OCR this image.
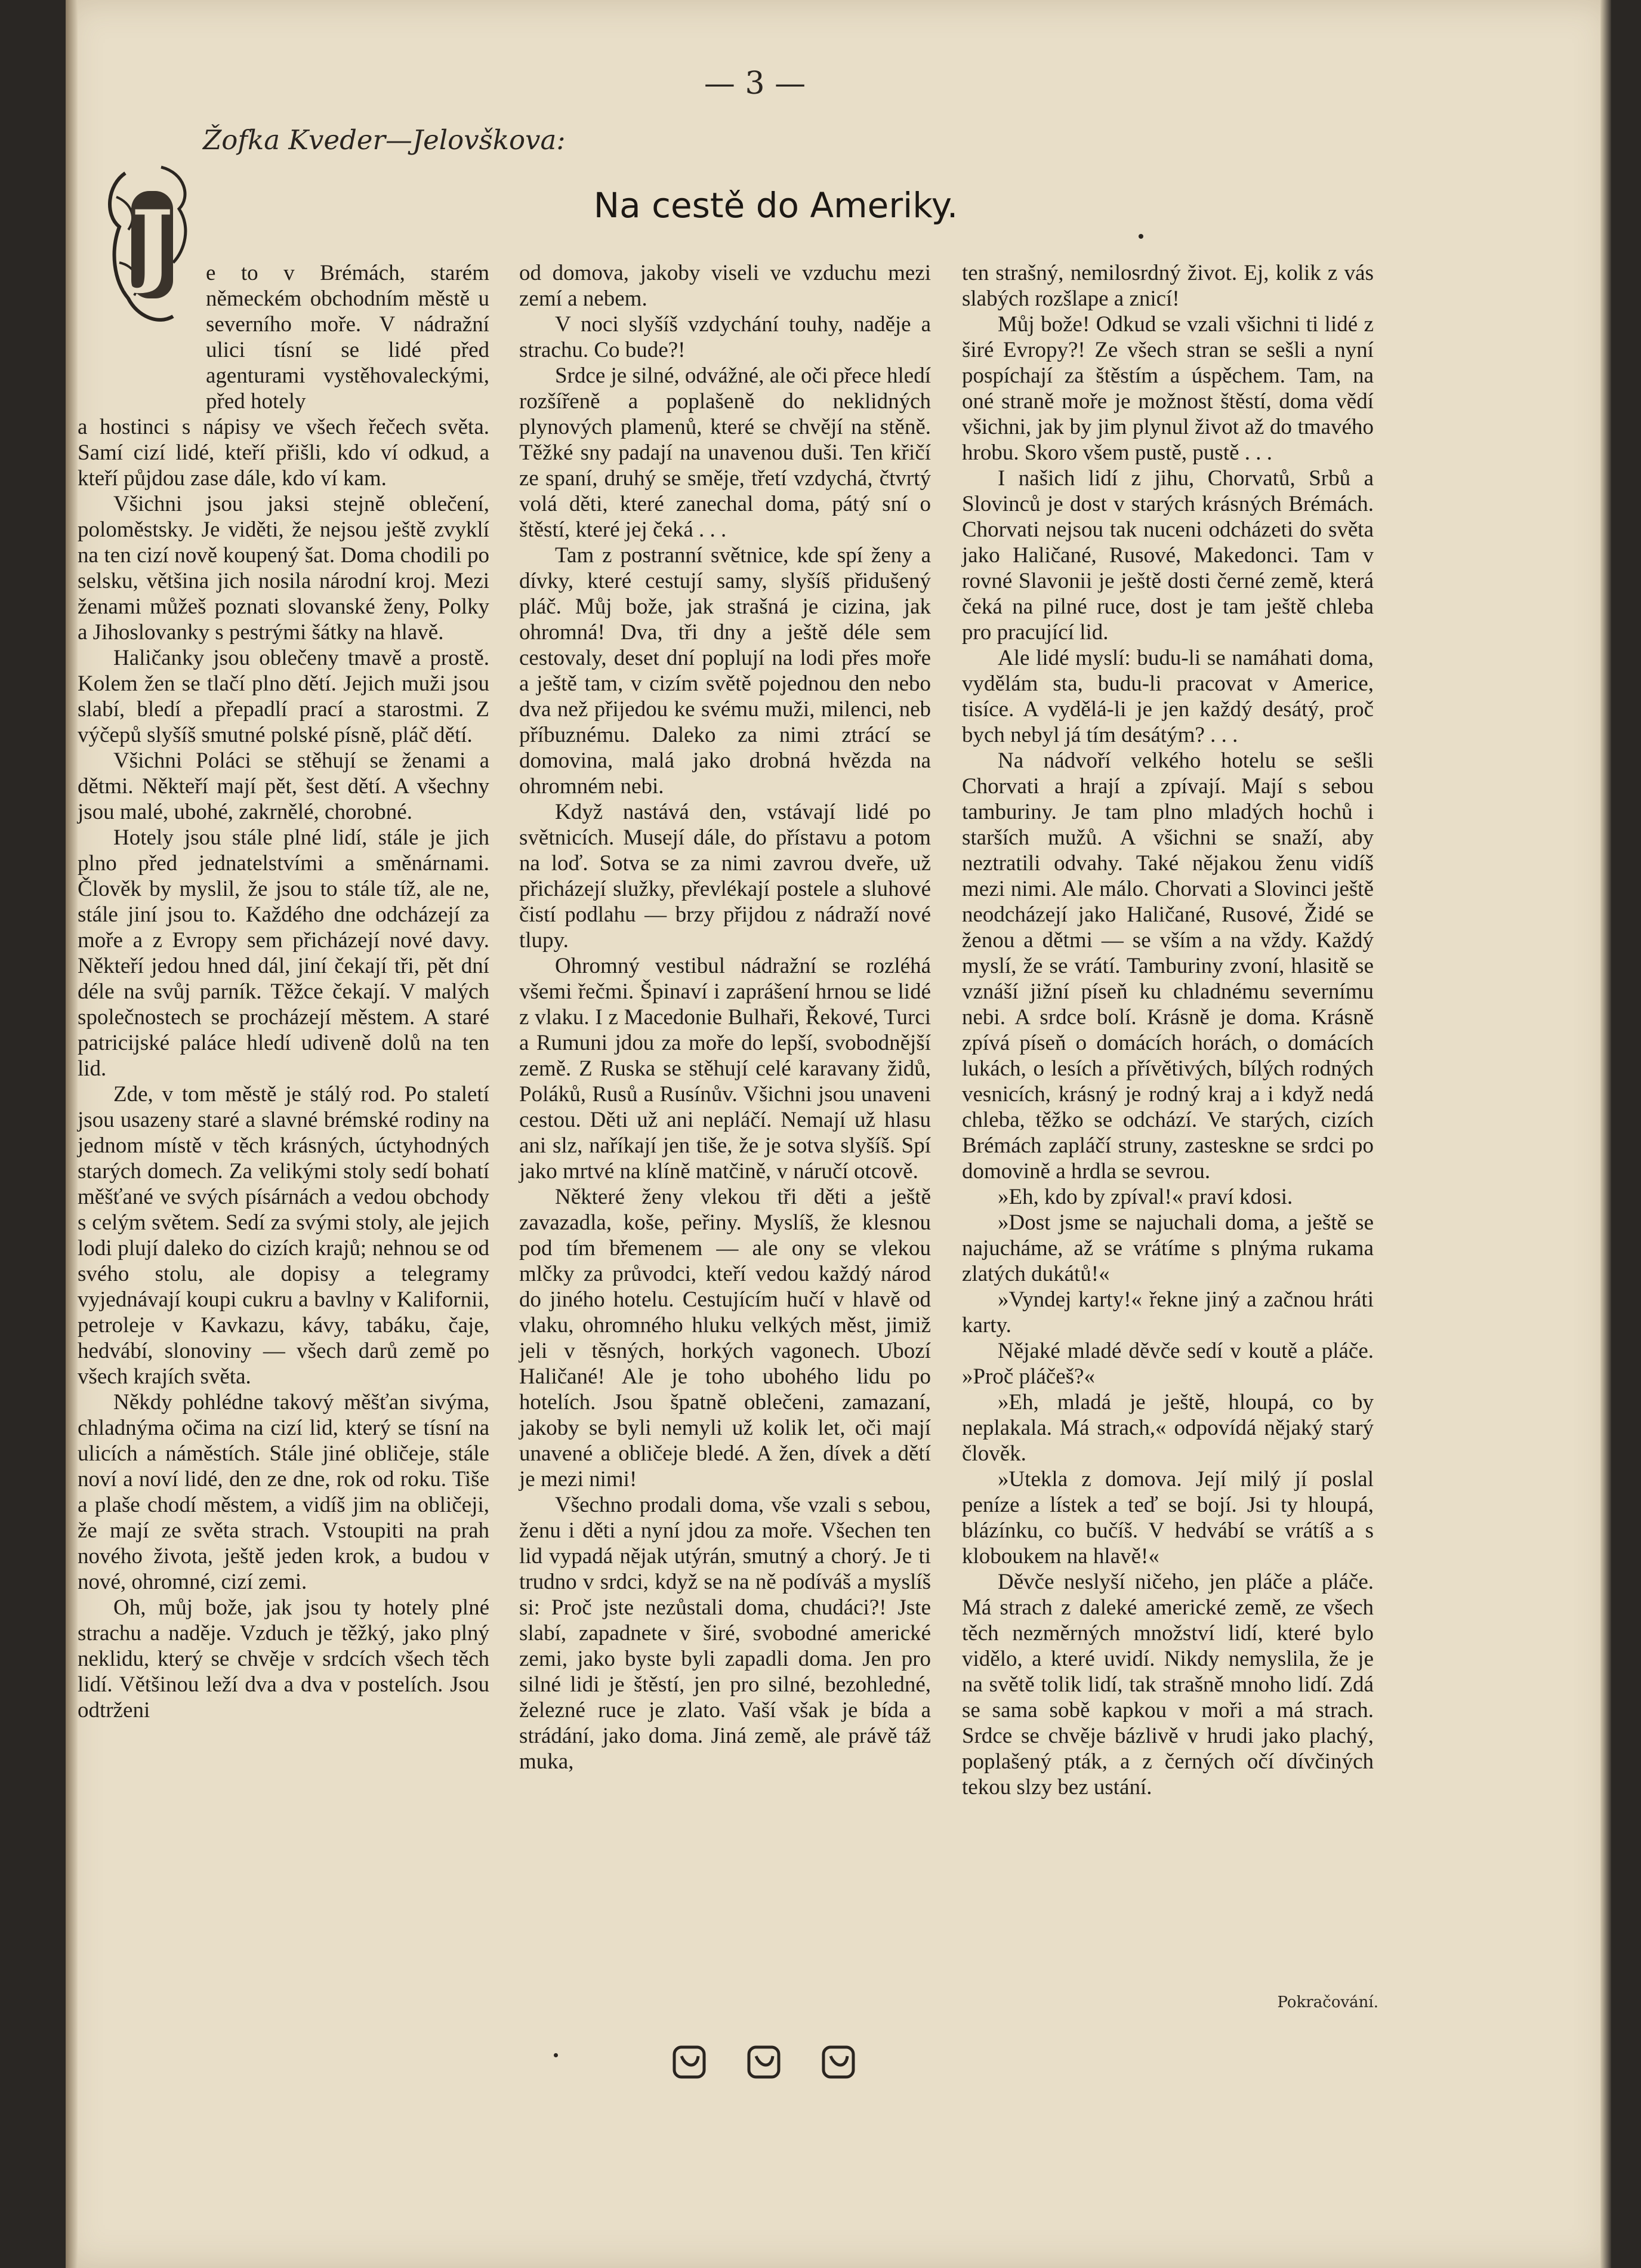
— 3 —
Žofka Kveder—Jelovškova:
Na cestě do Ameriky.
J e to v Brémách, starém německém obchodním městě u severního moře. V nádražní ulici tísní se lidé před agenturami vystěhovaleckými, před hotely

a hostinci s nápisy ve všech řečech světa. Samí cizí lidé, kteří přišli, kdo ví odkud, a kteří půjdou zase dále, kdo ví kam.

Všichni jsou jaksi stejně oblečení, poloměstsky. Je viděti, že nejsou ještě zvyklí na ten cizí nově koupený šat. Doma chodili po selsku, většina jich nosila národní kroj. Mezi ženami můžeš poznati slovanské ženy, Polky a Jihoslovanky s pestrými šátky na hlavě.

Haličanky jsou oblečeny tmavě a prostě. Kolem žen se tlačí plno dětí. Jejich muži jsou slabí, bledí a přepadlí prací a starostmi. Z výčepů slyšíš smutné polské písně, pláč dětí.

Všichni Poláci se stěhují se ženami a dětmi. Někteří mají pět, šest dětí. A všechny jsou malé, ubohé, zakrnělé, chorobné.

Hotely jsou stále plné lidí, stále je jich plno před jednatelstvími a směnárnami. Člověk by myslil, že jsou to stále tíž, ale ne, stále jiní jsou to. Každého dne odcházejí za moře a z Evropy sem přicházejí nové davy. Někteří jedou hned dál, jiní čekají tři, pět dní déle na svůj parník. Těžce čekají. V malých společnostech se procházejí městem. A staré patricijské paláce hledí udiveně dolů na ten lid.

Zde, v tom městě je stálý rod. Po staletí jsou usazeny staré a slavné brémské rodiny na jednom místě v těch krásných, úctyhodných starých domech. Za velikými stoly sedí bohatí měšťané ve svých písárnách a vedou obchody s celým světem. Sedí za svými stoly, ale jejich lodi plují daleko do cizích krajů; nehnou se od svého stolu, ale dopisy a telegramy vyjednávají koupi cukru a bavlny v Kalifornii, petroleje v Kavkazu, kávy, tabáku, čaje, hedvábí, slonoviny — všech darů země po všech krajích světa.

Někdy pohlédne takový měšťan sivýma, chladnýma očima na cizí lid, který se tísní na ulicích a náměstích. Stále jiné obličeje, stále noví a noví lidé, den ze dne, rok od roku. Tiše a plaše chodí městem, a vidíš jim na obličeji, že mají ze světa strach. Vstoupiti na prah nového života, ještě jeden krok, a budou v nové, ohromné, cizí zemi.

Oh, můj bože, jak jsou ty hotely plné strachu a naděje. Vzduch je těžký, jako plný neklidu, který se chvěje v srdcích všech těch lidí. Většinou leží dva a dva v postelích. Jsou odtrženi

od domova, jakoby viseli ve vzduchu mezi zemí a nebem.

V noci slyšíš vzdychání touhy, naděje a strachu. Co bude?!

Srdce je silné, odvážné, ale oči přece hledí rozšířeně a poplašeně do neklidných plynových plamenů, které se chvějí na stěně. Těžké sny padají na unavenou duši. Ten křičí ze spaní, druhý se směje, třetí vzdychá, čtvrtý volá děti, které zanechal doma, pátý sní o štěstí, které jej čeká . . .

Tam z postranní světnice, kde spí ženy a dívky, které cestují samy, slyšíš přidušený pláč. Můj bože, jak strašná je cizina, jak ohromná! Dva, tři dny a ještě déle sem cestovaly, deset dní poplují na lodi přes moře a ještě tam, v cizím světě pojednou den nebo dva než přijedou ke svému muži, milenci, neb příbuznému. Daleko za nimi ztrácí se domovina, malá jako drobná hvězda na ohromném nebi.

Když nastává den, vstávají lidé po světnicích. Musejí dále, do přístavu a potom na loď. Sotva se za nimi zavrou dveře, už přicházejí služky, převlékají postele a sluhové čistí podlahu — brzy přijdou z nádraží nové tlupy.

Ohromný vestibul nádražní se rozléhá všemi řečmi. Špinaví i zaprášení hrnou se lidé z vlaku. I z Macedonie Bulhaři, Řekové, Turci a Rumuni jdou za moře do lepší, svobodnější země. Z Ruska se stěhují celé karavany židů, Poláků, Rusů a Rusínův. Všichni jsou unaveni cestou. Děti už ani nepláčí. Nemají už hlasu ani slz, naříkají jen tiše, že je sotva slyšíš. Spí jako mrtvé na klíně matčině, v náručí otcově.

Některé ženy vlekou tři děti a ještě zavazadla, koše, peřiny. Myslíš, že klesnou pod tím břemenem — ale ony se vlekou mlčky za průvodci, kteří vedou každý národ do jiného hotelu. Cestujícím hučí v hlavě od vlaku, ohromného hluku velkých měst, jimiž jeli v těsných, horkých vagonech. Ubozí Haličané! Ale je toho ubohého lidu po hotelích. Jsou špatně oblečeni, zamazaní, jakoby se byli nemyli už kolik let, oči mají unavené a obličeje bledé. A žen, dívek a dětí je mezi nimi!

Všechno prodali doma, vše vzali s sebou, ženu i děti a nyní jdou za moře. Všechen ten lid vypadá nějak utýrán, smutný a chorý. Je ti trudno v srdci, když se na ně podíváš a myslíš si: Proč jste nezůstali doma, chudáci?! Jste slabí, zapadnete v širé, svobodné americké zemi, jako byste byli zapadli doma. Jen pro silné lidi je štěstí, jen pro silné, bezohledné, železné ruce je zlato. Vaší však je bída a strádání, jako doma. Jiná země, ale právě táž muka,

ten strašný, nemilosrdný život. Ej, kolik z vás slabých rozšlape a znicí!

Můj bože! Odkud se vzali všichni ti lidé z širé Evropy?! Ze všech stran se sešli a nyní pospíchají za štěstím a úspěchem. Tam, na oné straně moře je možnost štěstí, doma vědí všichni, jak by jim plynul život až do tmavého hrobu. Skoro všem pustě, pustě . . .

I našich lidí z jihu, Chorvatů, Srbů a Slovinců je dost v starých krásných Brémách. Chorvati nejsou tak nuceni odcházeti do světa jako Haličané, Rusové, Makedonci. Tam v rovné Slavonii je ještě dosti černé země, která čeká na pilné ruce, dost je tam ještě chleba pro pracující lid.

Ale lidé myslí: budu-li se namáhati doma, vydělám sta, budu-li pracovat v Americe, tisíce. A vydělá-li je jen každý desátý, proč bych nebyl já tím desátým? . . .

Na nádvoří velkého hotelu se sešli Chorvati a hrají a zpívají. Mají s sebou tamburiny. Je tam plno mladých hochů i starších mužů. A všichni se snaží, aby neztratili odvahy. Také nějakou ženu vidíš mezi nimi. Ale málo. Chorvati a Slovinci ještě neodcházejí jako Haličané, Rusové, Židé se ženou a dětmi — se vším a na vždy. Každý myslí, že se vrátí. Tamburiny zvoní, hlasitě se vznáší jižní píseň ku chladnému severnímu nebi. A srdce bolí. Krásně je doma. Krásně zpívá píseň o domácích horách, o domácích lukách, o lesích a přívětivých, bílých rodných vesnicích, krásný je rodný kraj a i když nedá chleba, těžko se odchází. Ve starých, cizích Brémách zapláčí struny, zasteskne se srdci po domovině a hrdla se sevrou.

»Eh, kdo by zpíval!« praví kdosi.

»Dost jsme se najuchali doma, a ještě se najucháme, až se vrátíme s plnýma rukama zlatých dukátů!«

»Vyndej karty!« řekne jiný a začnou hráti karty.

Nějaké mladé děvče sedí v koutě a pláče. »Proč pláčeš?«

»Eh, mladá je ještě, hloupá, co by neplakala. Má strach,« odpovídá nějaký starý člověk.

»Utekla z domova. Její milý jí poslal peníze a lístek a teď se bojí. Jsi ty hloupá, blázínku, co bučíš. V hedvábí se vrátíš a s kloboukem na hlavě!«

Děvče neslyší ničeho, jen pláče a pláče. Má strach z daleké americké země, ze všech těch nezměrných množství lidí, které bylo vidělo, a které uvidí. Nikdy nemyslila, že je na světě tolik lidí, tak strašně mnoho lidí. Zdá se sama sobě kapkou v moři a má strach. Srdce se chvěje bázlivě v hrudi jako plachý, poplašený pták, a z černých očí dívčiných tekou slzy bez ustání.

Pokračování.
